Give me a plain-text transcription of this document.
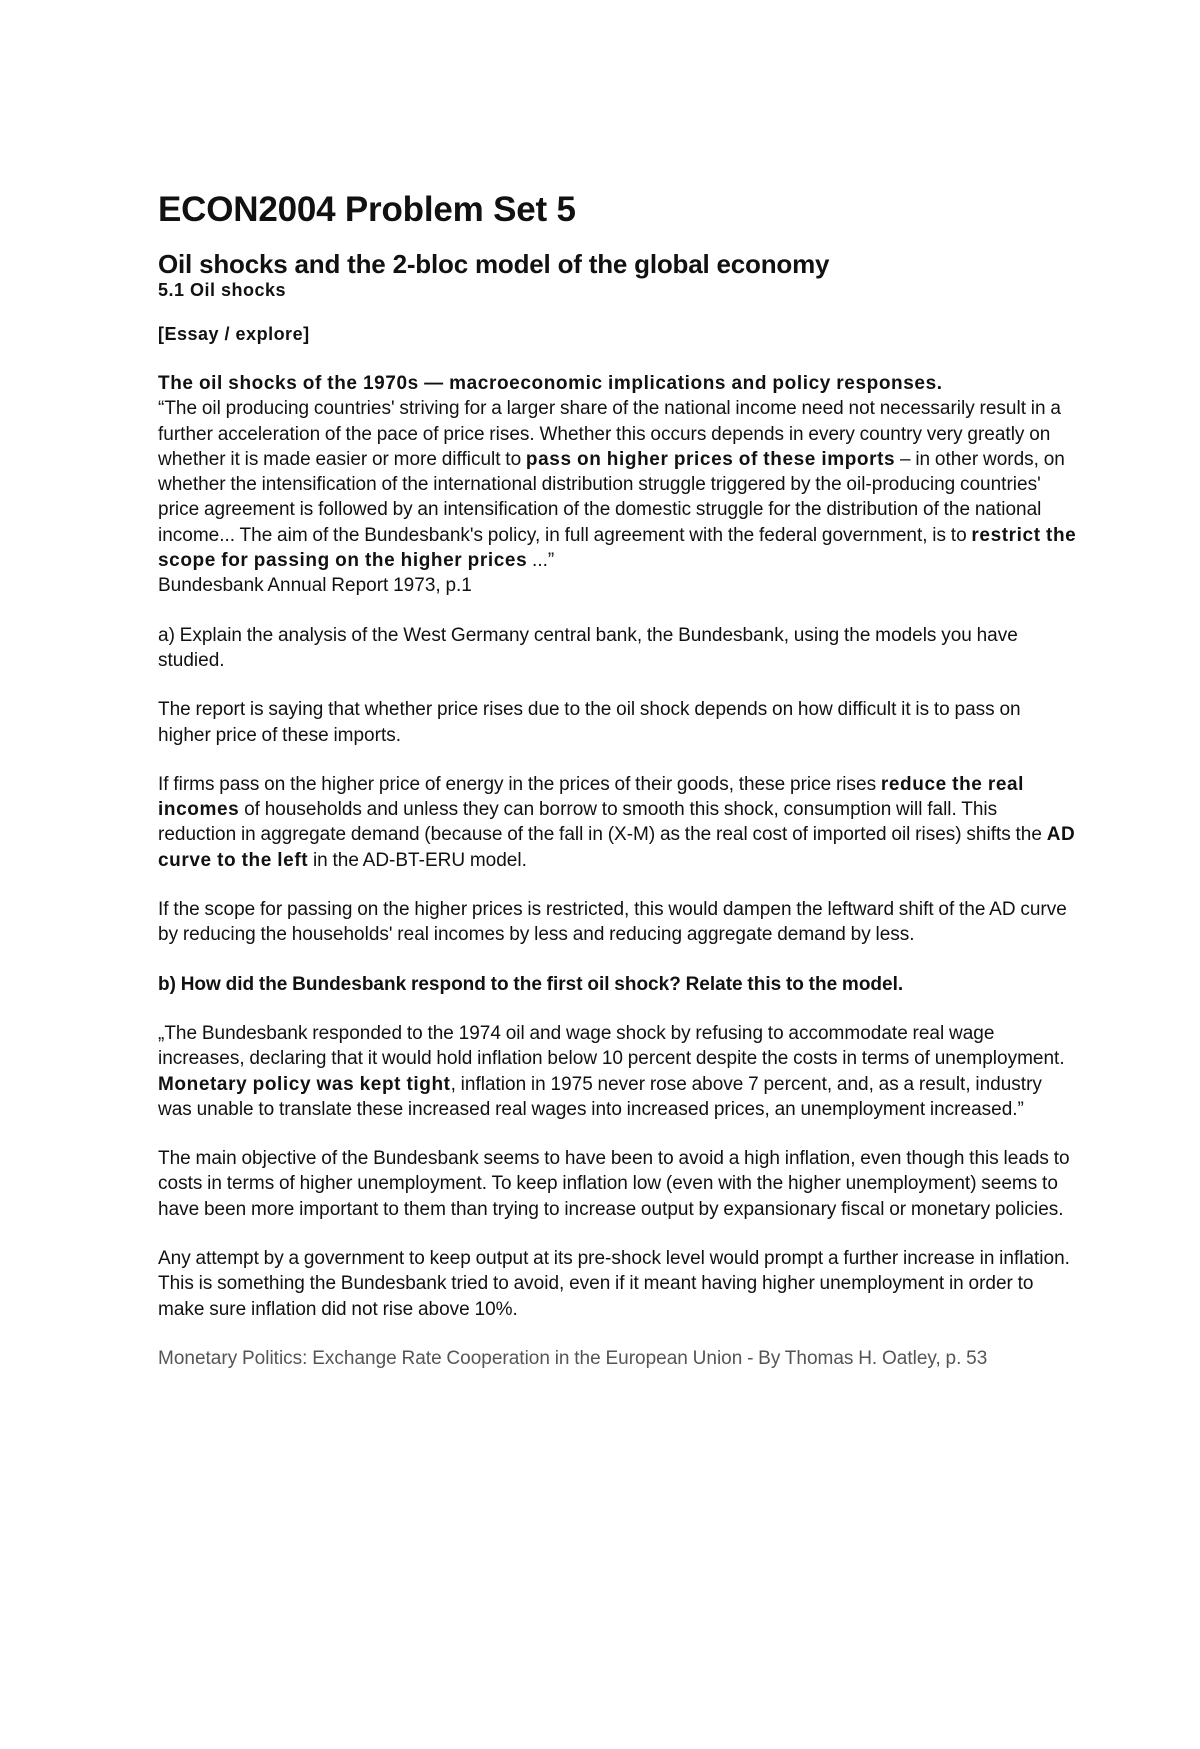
ECON2004 Problem Set 5
Oil shocks and the 2-bloc model of the global economy
5.1 Oil shocks
[Essay / explore]

The oil shocks of the 1970s — macroeconomic implications and policy responses.

“The oil producing countries' striving for a larger share of the national income need not necessarily result in a further acceleration of the pace of price rises. Whether this occurs depends in every country very greatly on whether it is made easier or more difficult to pass on higher prices of these imports – in other words, on whether the intensification of the international distribution struggle triggered by the oil-producing countries' price agreement is followed by an intensification of the domestic struggle for the distribution of the national income... The aim of the Bundesbank's policy, in full agreement with the federal government, is to restrict the scope for passing on the higher prices ...”

Bundesbank Annual Report 1973, p.1

a) Explain the analysis of the West Germany central bank, the Bundesbank, using the models you have studied.

The report is saying that whether price rises due to the oil shock depends on how difficult it is to pass on higher price of these imports.

If firms pass on the higher price of energy in the prices of their goods, these price rises reduce the real incomes of households and unless they can borrow to smooth this shock, consumption will fall. This reduction in aggregate demand (because of the fall in (X-M) as the real cost of imported oil rises) shifts the AD curve to the left in the AD-BT-ERU model.

If the scope for passing on the higher prices is restricted, this would dampen the leftward shift of the AD curve by reducing the households' real incomes by less and reducing aggregate demand by less.

b) How did the Bundesbank respond to the first oil shock? Relate this to the model.

„The Bundesbank responded to the 1974 oil and wage shock by refusing to accommodate real wage increases, declaring that it would hold inflation below 10 percent despite the costs in terms of unemployment. Monetary policy was kept tight, inflation in 1975 never rose above 7 percent, and, as a result, industry was unable to translate these increased real wages into increased prices, an unemployment increased.”

The main objective of the Bundesbank seems to have been to avoid a high inflation, even though this leads to costs in terms of higher unemployment. To keep inflation low (even with the higher unemployment) seems to have been more important to them than trying to increase output by expansionary fiscal or monetary policies.

Any attempt by a government to keep output at its pre-shock level would prompt a further increase in inflation. This is something the Bundesbank tried to avoid, even if it meant having higher unemployment in order to make sure inflation did not rise above 10%.

Monetary Politics: Exchange Rate Cooperation in the European Union - By Thomas H. Oatley, p. 53
